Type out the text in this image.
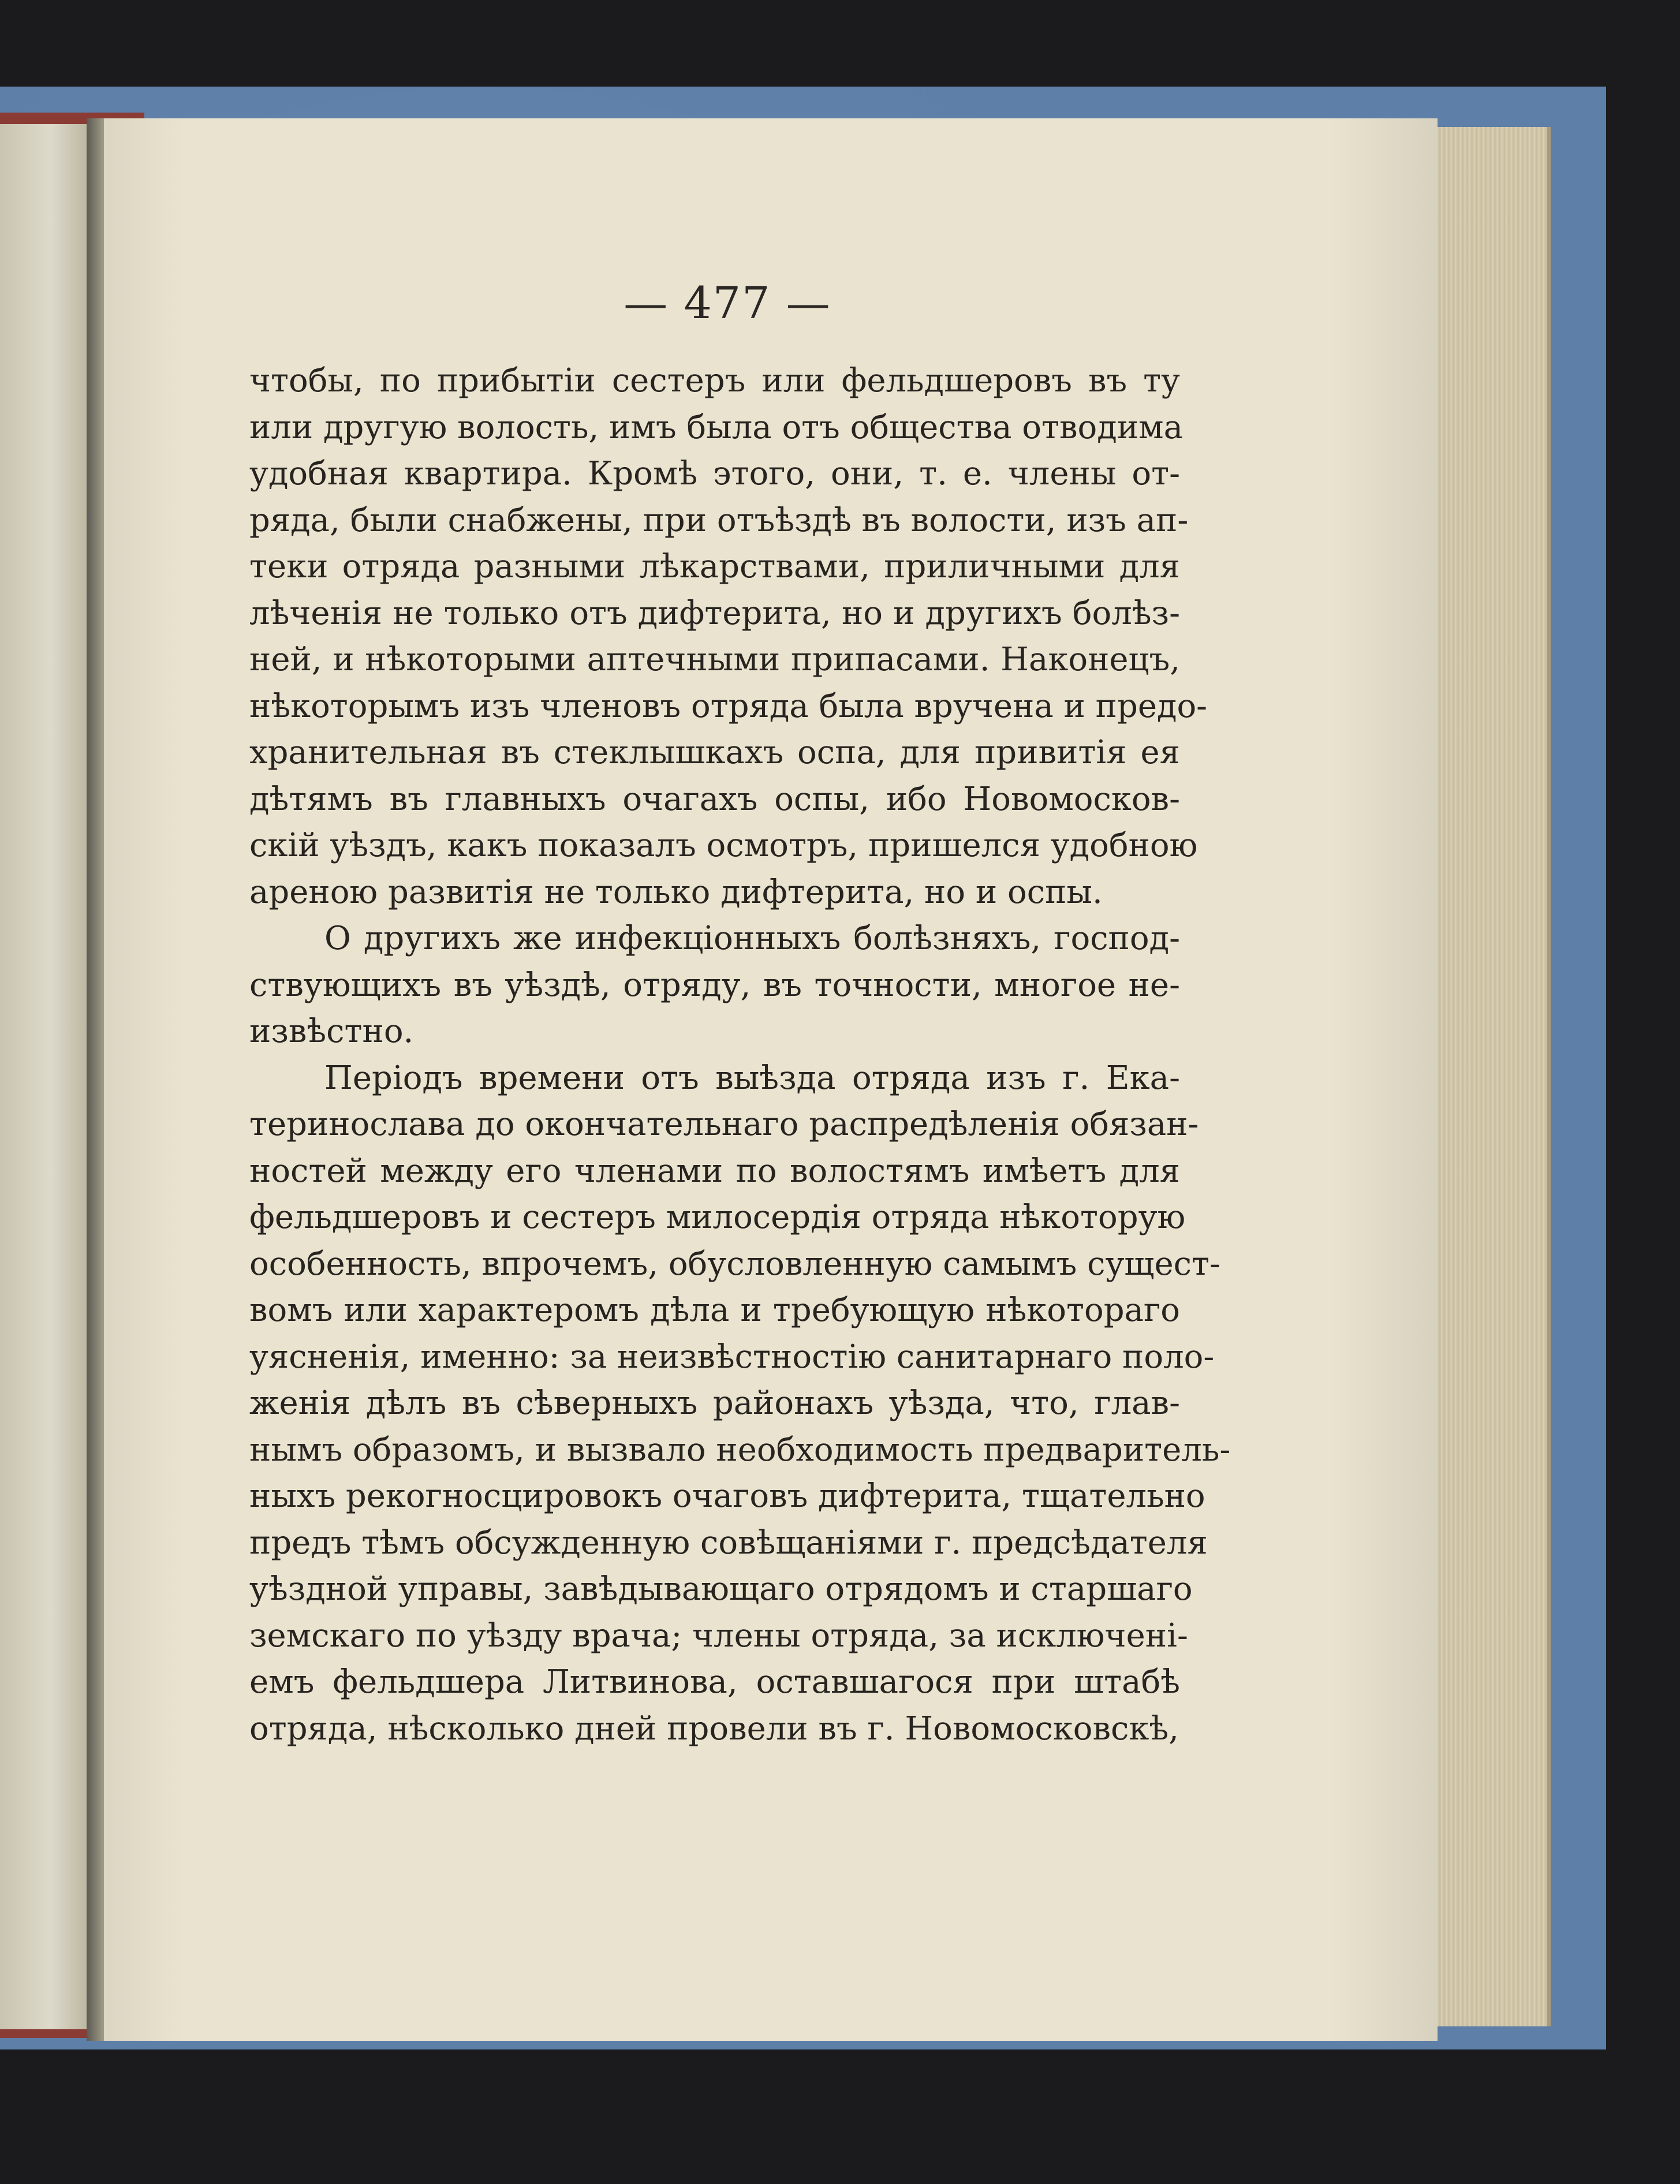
— 477 —
чтобы, по прибытіи сестеръ или фельдшеровъ въ ту
или другую волость, имъ была отъ общества отводима
удобная квартира. Кромѣ этого, они, т. е. члены от-
ряда, были снабжены, при отъѣздѣ въ волости, изъ ап-
теки отряда разными лѣкарствами, приличными для
лѣченія не только отъ дифтерита, но и другихъ болѣз-
ней, и нѣкоторыми аптечными припасами. Наконецъ,
нѣкоторымъ изъ членовъ отряда была вручена и предо-
хранительная въ стеклышкахъ оспа, для привитія ея
дѣтямъ въ главныхъ очагахъ оспы, ибо Новомосков-
скій уѣздъ, какъ показалъ осмотръ, пришелся удобною
ареною развитія не только дифтерита, но и оспы.
О другихъ же инфекціонныхъ болѣзняхъ, господ-
ствующихъ въ уѣздѣ, отряду, въ точности, многое не-
извѣстно.
Періодъ времени отъ выѣзда отряда изъ г. Ека-
теринослава до окончательнаго распредѣленія обязан-
ностей между его членами по волостямъ имѣетъ для
фельдшеровъ и сестеръ милосердія отряда нѣкоторую
особенность, впрочемъ, обусловленную самымъ сущест-
вомъ или характеромъ дѣла и требующую нѣкотораго
уясненія, именно: за неизвѣстностію санитарнаго поло-
женія дѣлъ въ сѣверныхъ районахъ уѣзда, что, глав-
нымъ образомъ, и вызвало необходимость предваритель-
ныхъ рекогносцировокъ очаговъ дифтерита, тщательно
предъ тѣмъ обсужденную совѣщаніями г. предсѣдателя
уѣздной управы, завѣдывающаго отрядомъ и старшаго
земскаго по уѣзду врача; члены отряда, за исключені-
емъ фельдшера Литвинова, оставшагося при штабѣ
отряда, нѣсколько дней провели въ г. Новомосковскѣ,
